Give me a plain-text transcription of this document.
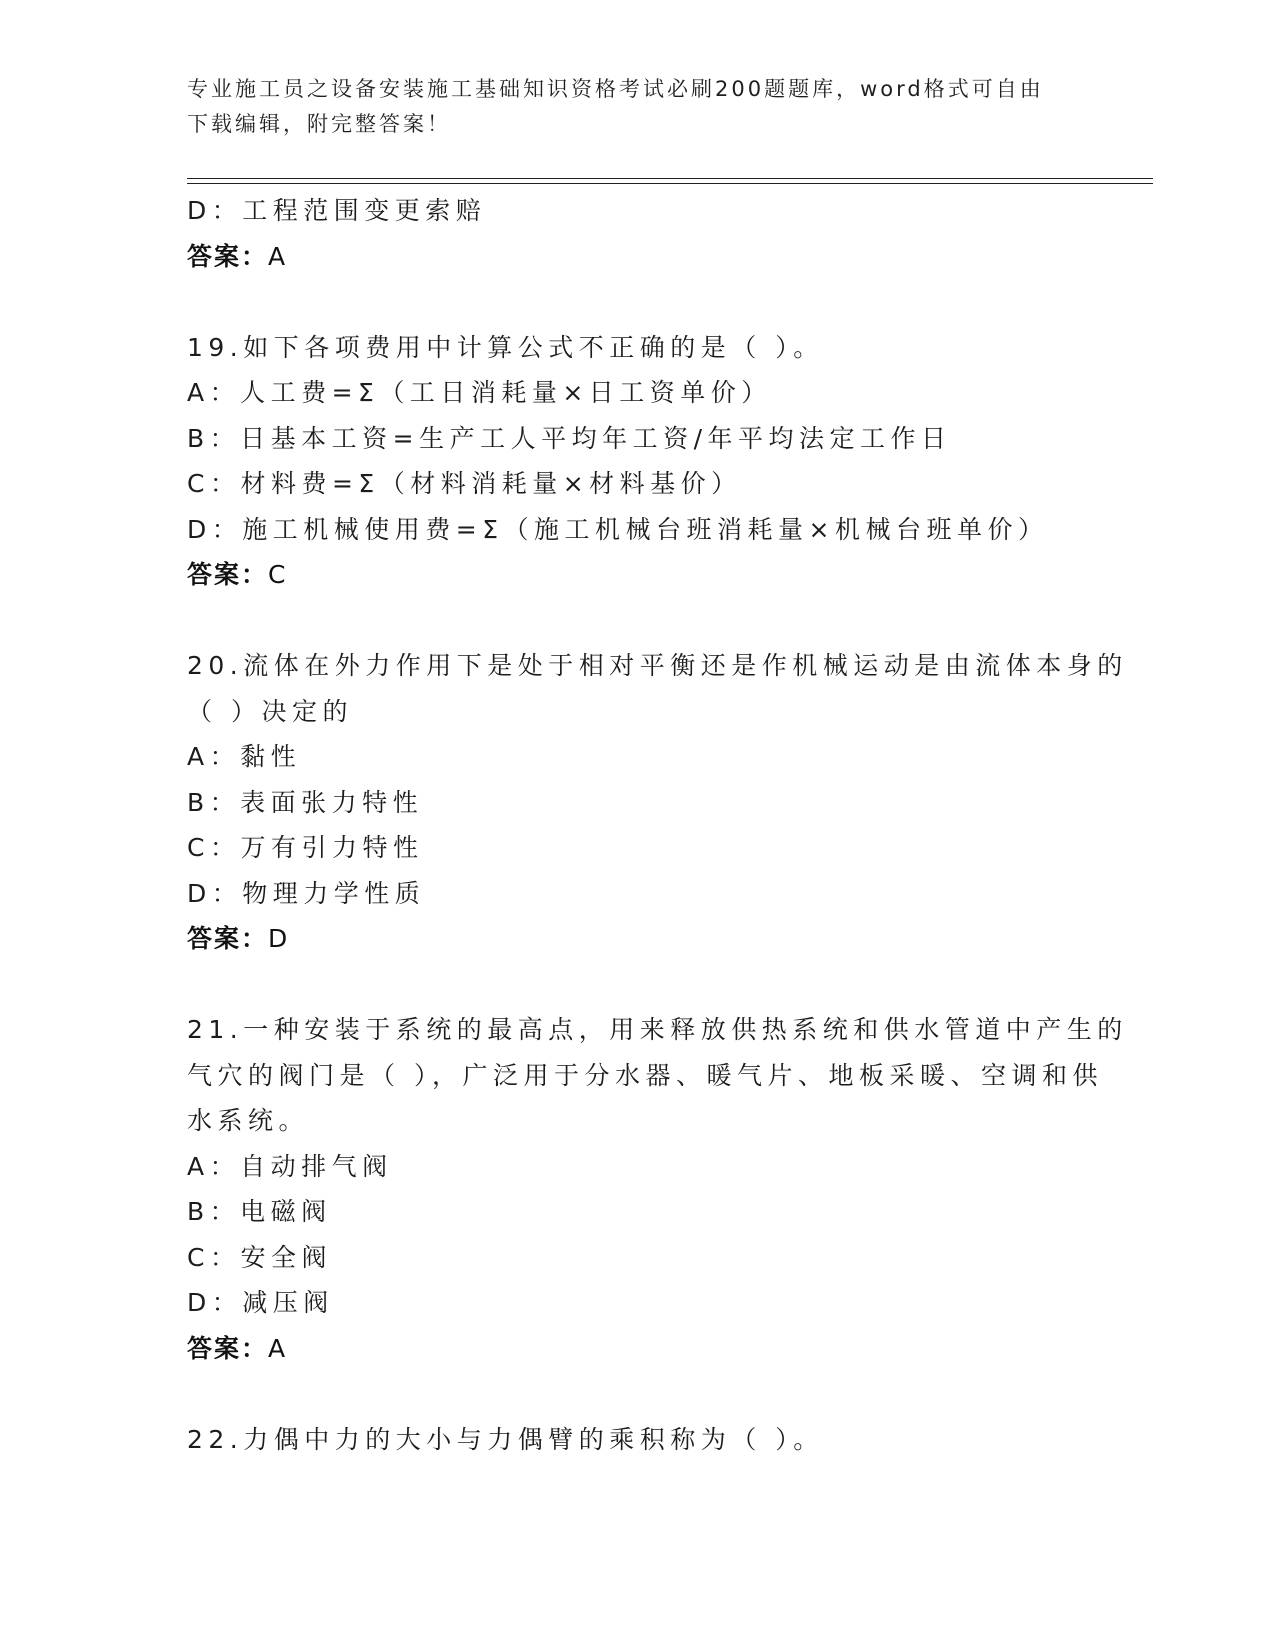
专业施工员之设备安装施工基础知识资格考试必刷200题题库，word格式可自由
下载编辑，附完整答案！
D：工程范围变更索赔
答案：A
19.如下各项费用中计算公式不正确的是（ ）。
A：人工费=Σ（工日消耗量×日工资单价）
B：日基本工资=生产工人平均年工资/年平均法定工作日
C：材料费=Σ（材料消耗量×材料基价）
D：施工机械使用费=Σ（施工机械台班消耗量×机械台班单价）
答案：C
20.流体在外力作用下是处于相对平衡还是作机械运动是由流体本身的
（ ）决定的
A：黏性
B：表面张力特性
C：万有引力特性
D：物理力学性质
答案：D
21.一种安装于系统的最高点，用来释放供热系统和供水管道中产生的
气穴的阀门是（ ），广泛用于分水器、暖气片、地板采暖、空调和供
水系统。
A：自动排气阀
B：电磁阀
C：安全阀
D：减压阀
答案：A
22.力偶中力的大小与力偶臂的乘积称为（ ）。
